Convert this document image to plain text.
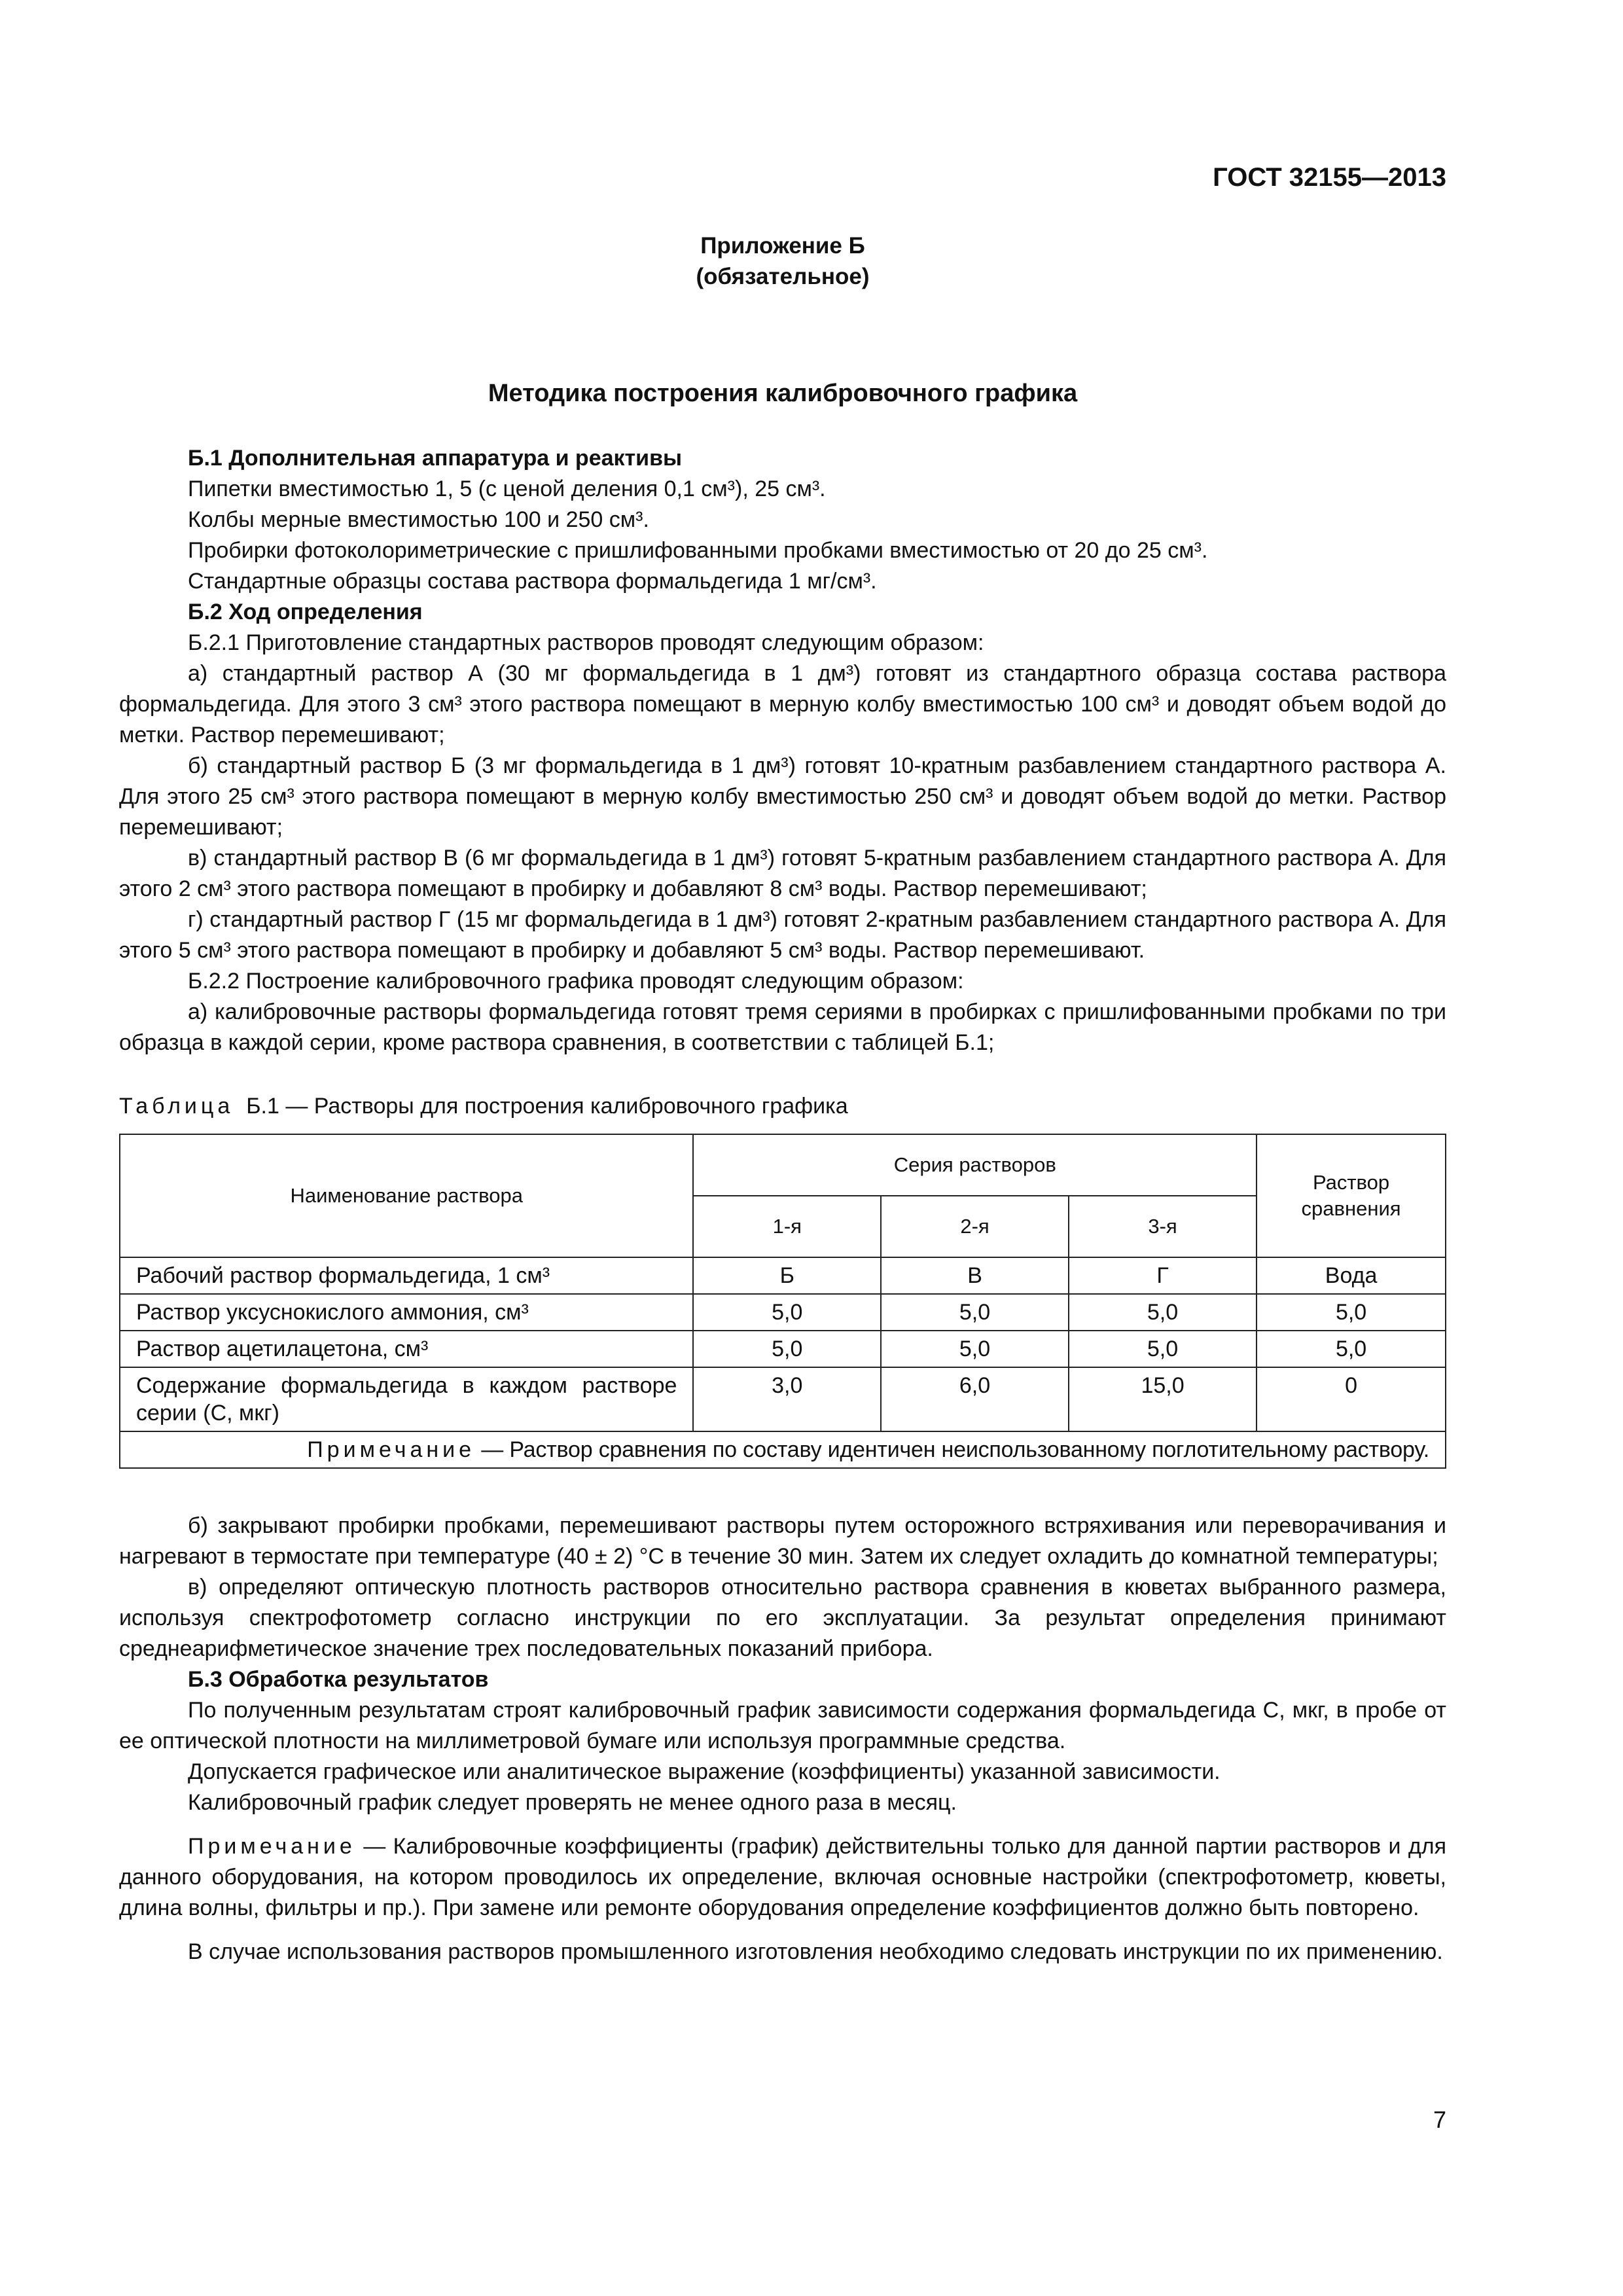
ГОСТ 32155—2013
Приложение Б
(обязательное)
Методика построения калибровочного графика

Б.1 Дополнительная аппаратура и реактивы

Пипетки вместимостью 1, 5 (с ценой деления 0,1 см³), 25 см³.

Колбы мерные вместимостью 100 и 250 см³.

Пробирки фотоколориметрические с пришлифованными пробками вместимостью от 20 до 25 см³.

Стандартные образцы состава раствора формальдегида 1 мг/см³.

Б.2 Ход определения

Б.2.1 Приготовление стандартных растворов проводят следующим образом:

а) стандартный раствор А (30 мг формальдегида в 1 дм³) готовят из стандартного образца состава раствора формальдегида. Для этого 3 см³ этого раствора помещают в мерную колбу вместимостью 100 см³ и доводят объем водой до метки. Раствор перемешивают;

б) стандартный раствор Б (3 мг формальдегида в 1 дм³) готовят 10-кратным разбавлением стандартного раствора А. Для этого 25 см³ этого раствора помещают в мерную колбу вместимостью 250 см³ и доводят объем водой до метки. Раствор перемешивают;

в) стандартный раствор В (6 мг формальдегида в 1 дм³) готовят 5-кратным разбавлением стандартного раствора А. Для этого 2 см³ этого раствора помещают в пробирку и добавляют 8 см³ воды. Раствор перемешивают;

г) стандартный раствор Г (15 мг формальдегида в 1 дм³) готовят 2-кратным разбавлением стандартного раствора А. Для этого 5 см³ этого раствора помещают в пробирку и добавляют 5 см³ воды. Раствор перемешивают.

Б.2.2 Построение калибровочного графика проводят следующим образом:

а) калибровочные растворы формальдегида готовят тремя сериями в пробирках с пришлифованными пробками по три образца в каждой серии, кроме раствора сравнения, в соответствии с таблицей Б.1;

Таблица Б.1 — Растворы для построения калибровочного графика

Наименование раствора	Серия растворов			Раствор сравнения
	1-я	2-я	3-я	
Рабочий раствор формальдегида, 1 см³	Б	В	Г	Вода
Раствор уксуснокислого аммония, см³	5,0	5,0	5,0	5,0
Раствор ацетилацетона, см³	5,0	5,0	5,0	5,0
Содержание формальдегида в каждом растворе серии (С, мкг)	3,0	6,0	15,0	0
Примечание — Раствор сравнения по составу идентичен неиспользованному поглотительному раствору.				

б) закрывают пробирки пробками, перемешивают растворы путем осторожного встряхивания или переворачивания и нагревают в термостате при температуре (40 ± 2) °С в течение 30 мин. Затем их следует охладить до комнатной температуры;

в) определяют оптическую плотность растворов относительно раствора сравнения в кюветах выбранного размера, используя спектрофотометр согласно инструкции по его эксплуатации. За результат определения принимают среднеарифметическое значение трех последовательных показаний прибора.

Б.3 Обработка результатов

По полученным результатам строят калибровочный график зависимости содержания формальдегида С, мкг, в пробе от ее оптической плотности на миллиметровой бумаге или используя программные средства.

Допускается графическое или аналитическое выражение (коэффициенты) указанной зависимости.

Калибровочный график следует проверять не менее одного раза в месяц.

Примечание — Калибровочные коэффициенты (график) действительны только для данной партии растворов и для данного оборудования, на котором проводилось их определение, включая основные настройки (спектрофотометр, кюветы, длина волны, фильтры и пр.). При замене или ремонте оборудования определение коэффициентов должно быть повторено.

В случае использования растворов промышленного изготовления необходимо следовать инструкции по их применению.

7
